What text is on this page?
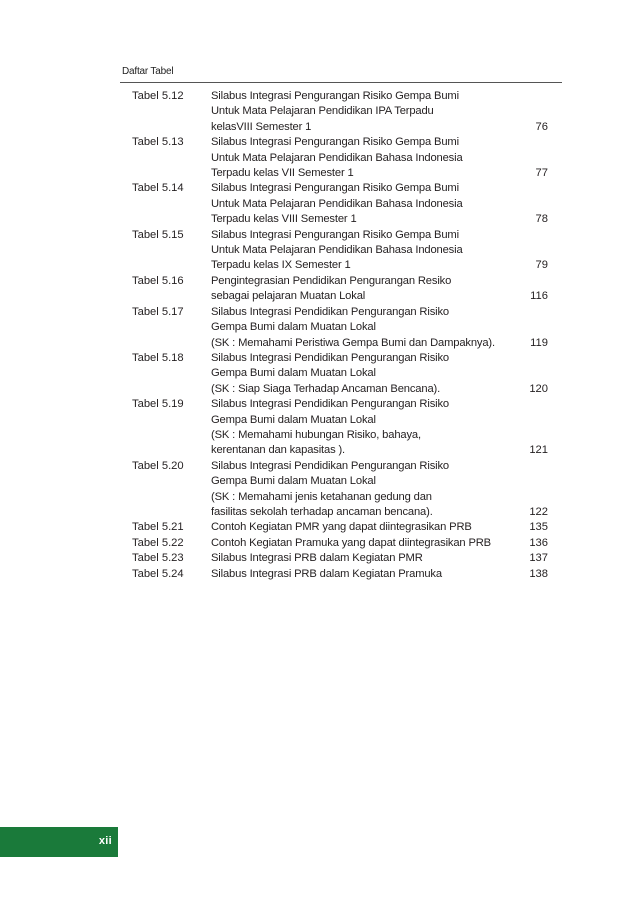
Daftar Tabel
Tabel 5.12	Silabus Integrasi Pengurangan Risiko Gempa Bumi
Untuk Mata Pelajaran Pendidikan IPA Terpadu
kelasVIII Semester 1	76
Tabel 5.13	Silabus Integrasi Pengurangan Risiko Gempa Bumi
Untuk Mata Pelajaran Pendidikan Bahasa Indonesia
Terpadu kelas VII Semester 1	77
Tabel 5.14	Silabus Integrasi Pengurangan Risiko Gempa Bumi
Untuk Mata Pelajaran Pendidikan Bahasa Indonesia
Terpadu kelas VIII Semester 1	78
Tabel 5.15	Silabus Integrasi Pengurangan Risiko Gempa Bumi
Untuk Mata Pelajaran Pendidikan Bahasa Indonesia
Terpadu kelas IX Semester 1	79
Tabel 5.16	Pengintegrasian Pendidikan Pengurangan Resiko
sebagai pelajaran Muatan Lokal	116
Tabel 5.17	Silabus Integrasi Pendidikan Pengurangan Risiko
Gempa Bumi dalam Muatan Lokal
(SK : Memahami Peristiwa Gempa Bumi dan Dampaknya).	119
Tabel 5.18	Silabus Integrasi Pendidikan Pengurangan Risiko
Gempa Bumi dalam Muatan Lokal
(SK : Siap Siaga Terhadap Ancaman Bencana).	120
Tabel 5.19	Silabus Integrasi Pendidikan Pengurangan Risiko
Gempa Bumi dalam Muatan Lokal
(SK : Memahami hubungan Risiko, bahaya,
kerentanan dan kapasitas ).	121
Tabel 5.20	Silabus Integrasi Pendidikan Pengurangan Risiko
Gempa Bumi dalam Muatan Lokal
(SK : Memahami jenis ketahanan gedung dan
fasilitas sekolah terhadap ancaman bencana).	122
Tabel 5.21	Contoh Kegiatan PMR yang dapat diintegrasikan PRB	135
Tabel 5.22	Contoh Kegiatan Pramuka yang dapat diintegrasikan PRB	136
Tabel 5.23	Silabus Integrasi PRB dalam Kegiatan PMR	137
Tabel 5.24	Silabus Integrasi PRB dalam Kegiatan Pramuka	138
xii
